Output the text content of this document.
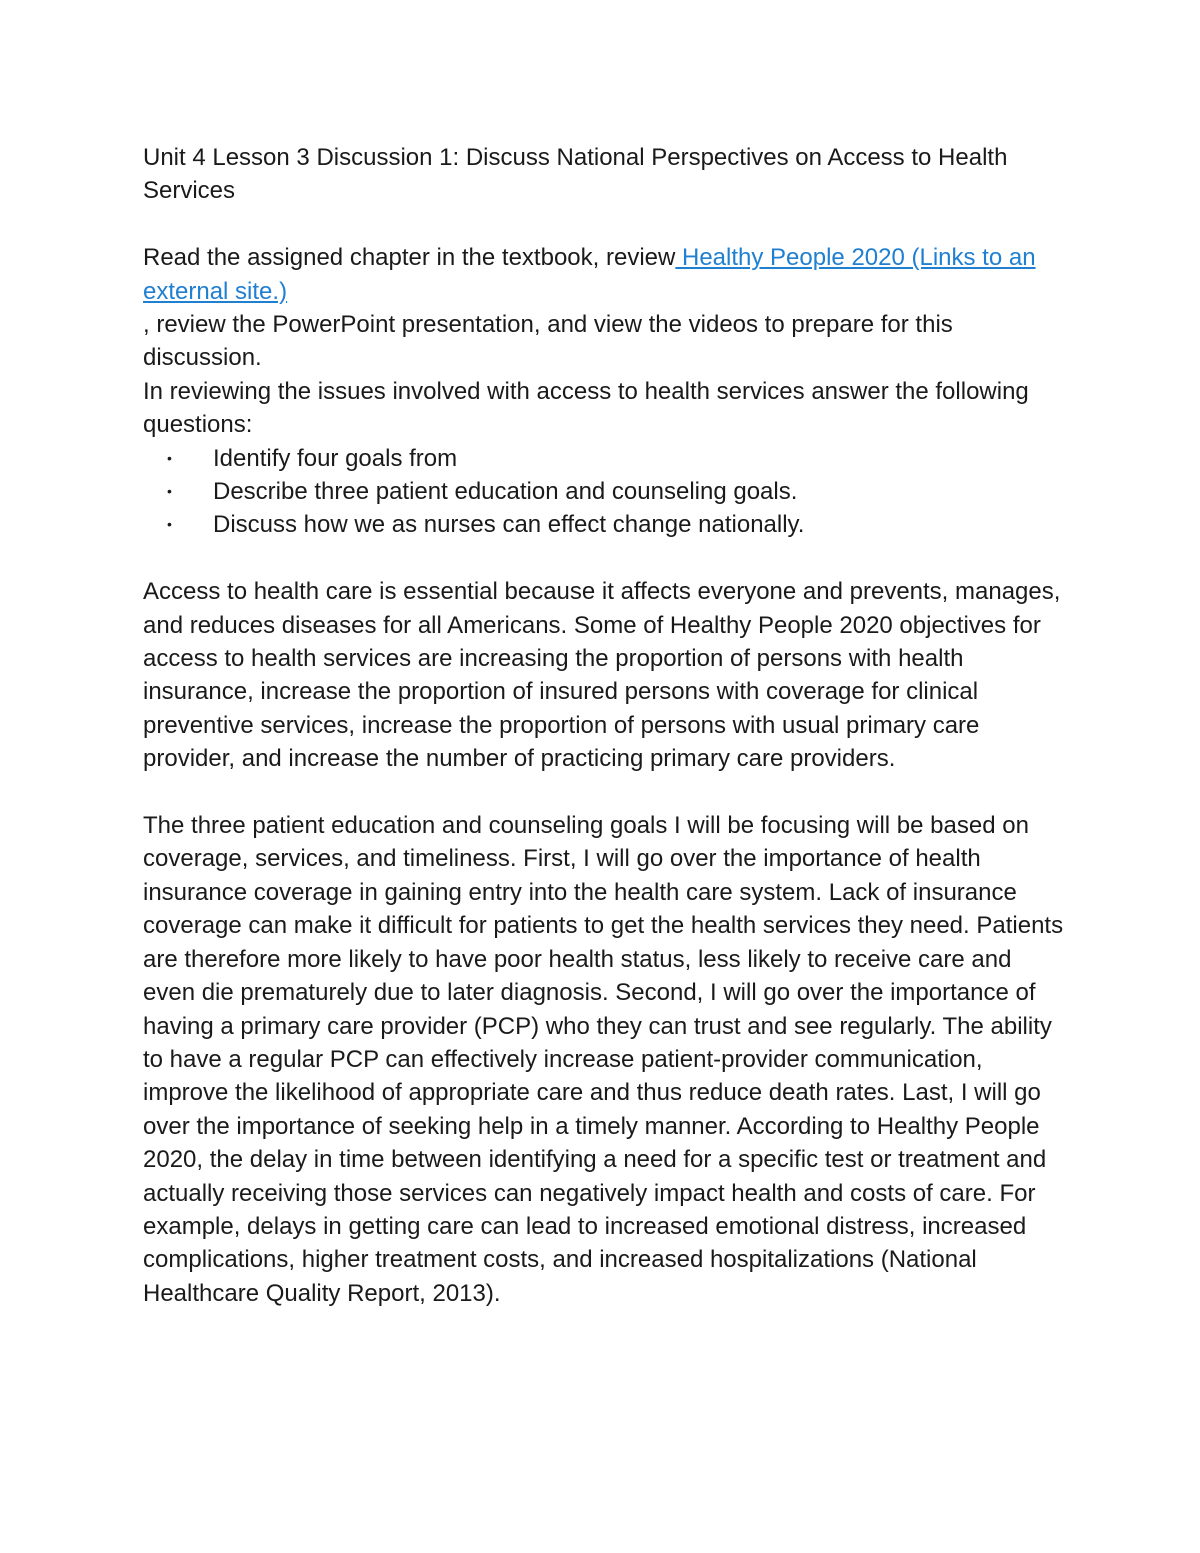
Unit 4 Lesson 3 Discussion 1: Discuss National Perspectives on Access to Health Services

Read the assigned chapter in the textbook, review Healthy People 2020 (Links to an external site.)

, review the PowerPoint presentation, and view the videos to prepare for this discussion.

In reviewing the issues involved with access to health services answer the following questions:

• Identify four goals from
• Describe three patient education and counseling goals.
• Discuss how we as nurses can effect change nationally.

Access to health care is essential because it affects everyone and prevents, manages, and reduces diseases for all Americans. Some of Healthy People 2020 objectives for access to health services are increasing the proportion of persons with health insurance, increase the proportion of insured persons with coverage for clinical preventive services, increase the proportion of persons with usual primary care provider, and increase the number of practicing primary care providers.

The three patient education and counseling goals I will be focusing will be based on coverage, services, and timeliness. First, I will go over the importance of health insurance coverage in gaining entry into the health care system. Lack of insurance coverage can make it difficult for patients to get the health services they need. Patients are therefore more likely to have poor health status, less likely to receive care and even die prematurely due to later diagnosis. Second, I will go over the importance of having a primary care provider (PCP) who they can trust and see regularly. The ability to have a regular PCP can effectively increase patient-provider communication, improve the likelihood of appropriate care and thus reduce death rates. Last, I will go over the importance of seeking help in a timely manner. According to Healthy People 2020, the delay in time between identifying a need for a specific test or treatment and actually receiving those services can negatively impact health and costs of care. For example, delays in getting care can lead to increased emotional distress, increased complications, higher treatment costs, and increased hospitalizations (National Healthcare Quality Report, 2013).
